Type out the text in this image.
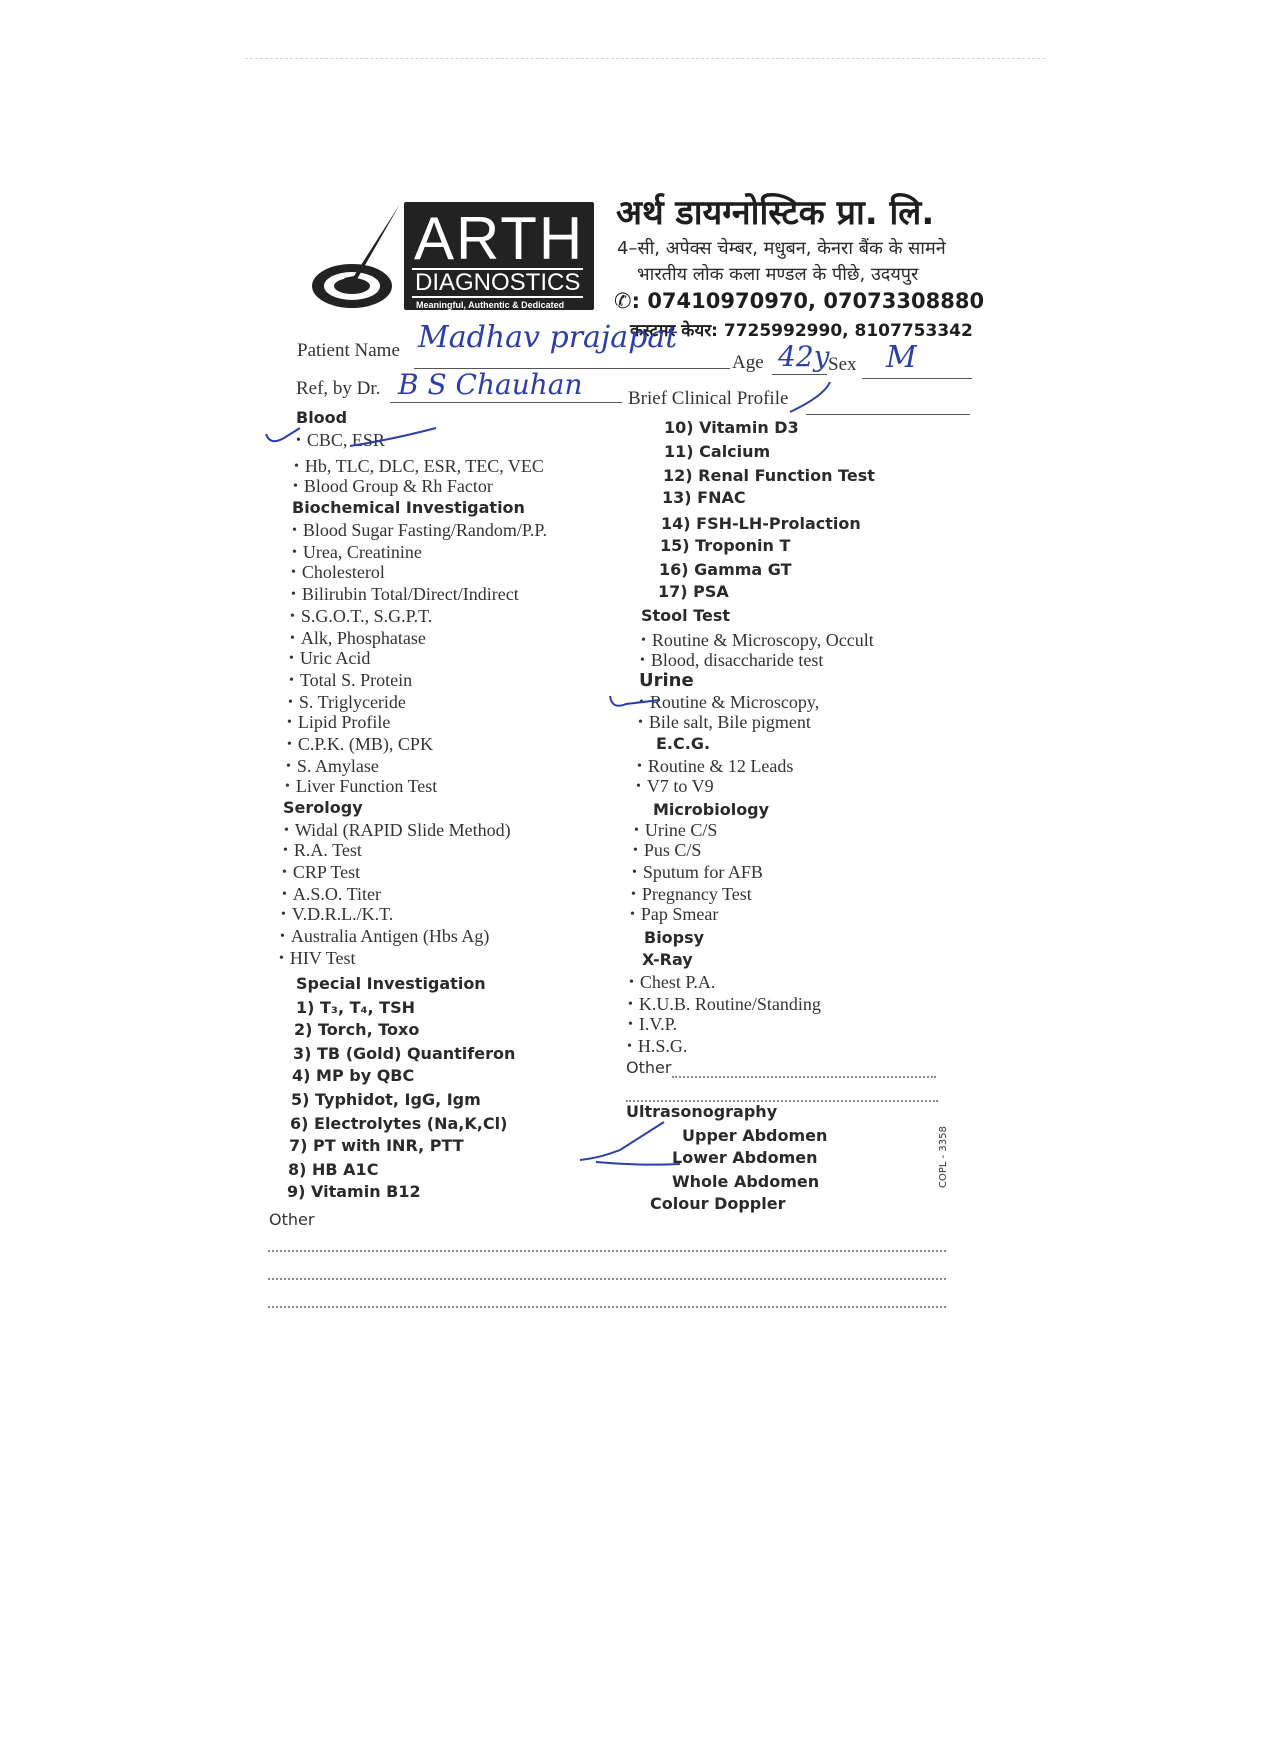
ARTH
DIAGNOSTICS
Meaningful, Authentic & Dedicated
अर्थ डायग्नोस्टिक प्रा. लि.
4–सी, अपेक्स चेम्बर, मधुबन, केनरा बैंक के सामने
भारतीय लोक कला मण्डल के पीछे, उदयपुर
✆: 07410970970, 07073308880
कस्टमर केयर: 7725992990, 8107753342
Patient Name Madhav prajapat
Age 42y
Sex M
Ref, by Dr. B S Chauhan Brief Clinical Profile
Blood
• CBC, ESR
• Hb, TLC, DLC, ESR, TEC, VEC
• Blood Group & Rh Factor
Biochemical Investigation
• Blood Sugar Fasting/Random/P.P.
• Urea, Creatinine
• Cholesterol
• Bilirubin Total/Direct/Indirect
• S.G.O.T., S.G.P.T.
• Alk, Phosphatase
• Uric Acid
• Total S. Protein
• S. Triglyceride
• Lipid Profile
• C.P.K. (MB), CPK
• S. Amylase
• Liver Function Test
Serology
• Widal (RAPID Slide Method)
• R.A. Test
• CRP Test
• A.S.O. Titer
• V.D.R.L./K.T.
• Australia Antigen (Hbs Ag)
• HIV Test
Special Investigation
1) T₃, T₄, TSH
2) Torch, Toxo
3) TB (Gold) Quantiferon
4) MP by QBC
5) Typhidot, IgG, Igm
6) Electrolytes (Na,K,Cl)
7) PT with INR, PTT
8) HB A1C
9) Vitamin B12
Other
10) Vitamin D3
11) Calcium
12) Renal Function Test
13) FNAC
14) FSH-LH-Prolaction
15) Troponin T
16) Gamma GT
17) PSA
Stool Test
• Routine & Microscopy, Occult
• Blood, disaccharide test
Urine
• Routine & Microscopy,
• Bile salt, Bile pigment
E.C.G.
• Routine & 12 Leads
• V7 to V9
Microbiology
• Urine C/S
• Pus C/S
• Sputum for AFB
• Pregnancy Test
• Pap Smear
Biopsy
X-Ray
• Chest P.A.
• K.U.B. Routine/Standing
• I.V.P.
• H.S.G.
Other
Ultrasonography
Upper Abdomen
Lower Abdomen
Whole Abdomen
Colour Doppler
COPL - 3358
